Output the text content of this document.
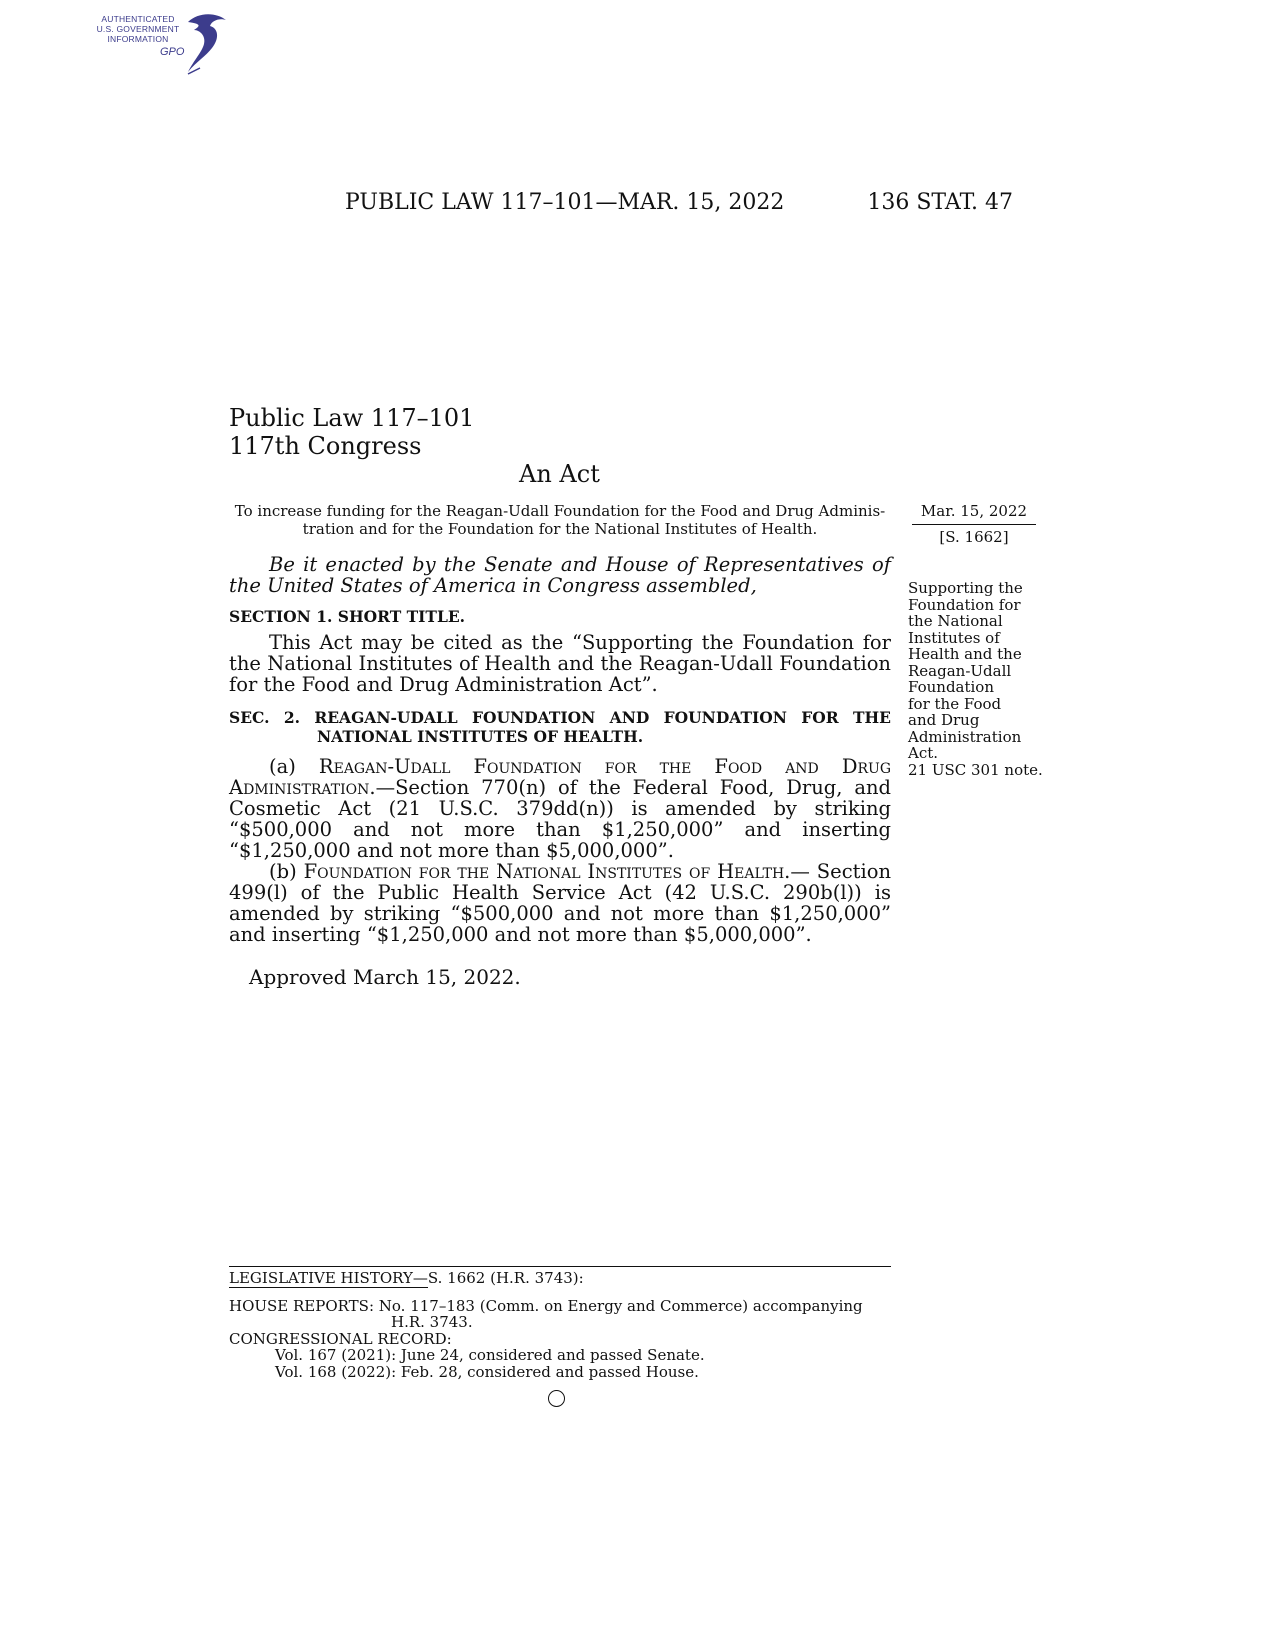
AUTHENTICATED
U.S. GOVERNMENT
INFORMATION
GPO
PUBLIC LAW 117–101—MAR. 15, 2022	136 STAT. 47
Public Law 117–101
117th Congress
An Act
To increase funding for the Reagan-Udall Foundation for the Food and Drug Adminis-
tration and for the Foundation for the National Institutes of Health.
Mar. 15, 2022
[S. 1662]
Be it enacted by the Senate and House of Representatives of the United States of America in Congress assembled,
SECTION 1. SHORT TITLE.
This Act may be cited as the “Supporting the Foundation for the National Institutes of Health and the Reagan-Udall Foundation for the Food and Drug Administration Act”.
SEC. 2. REAGAN-UDALL FOUNDATION AND FOUNDATION FOR THE
NATIONAL INSTITUTES OF HEALTH.
(a) Reagan-Udall Foundation for the Food and Drug Administration.—Section 770(n) of the Federal Food, Drug, and Cosmetic Act (21 U.S.C. 379dd(n)) is amended by striking “$500,000 and not more than $1,250,000” and inserting “$1,250,000 and not more than $5,000,000”.
(b) Foundation for the National Institutes of Health.— Section 499(l) of the Public Health Service Act (42 U.S.C. 290b(l)) is amended by striking “$500,000 and not more than $1,250,000” and inserting “$1,250,000 and not more than $5,000,000”.
Supporting the
Foundation for
the National
Institutes of
Health and the
Reagan-Udall
Foundation
for the Food
and Drug
Administration
Act.
21 USC 301 note.
Approved March 15, 2022.
LEGISLATIVE HISTORY—S. 1662 (H.R. 3743):
HOUSE REPORTS: No. 117–183 (Comm. on Energy and Commerce) accompanying
H.R. 3743.
CONGRESSIONAL RECORD:
Vol. 167 (2021): June 24, considered and passed Senate.
Vol. 168 (2022): Feb. 28, considered and passed House.
